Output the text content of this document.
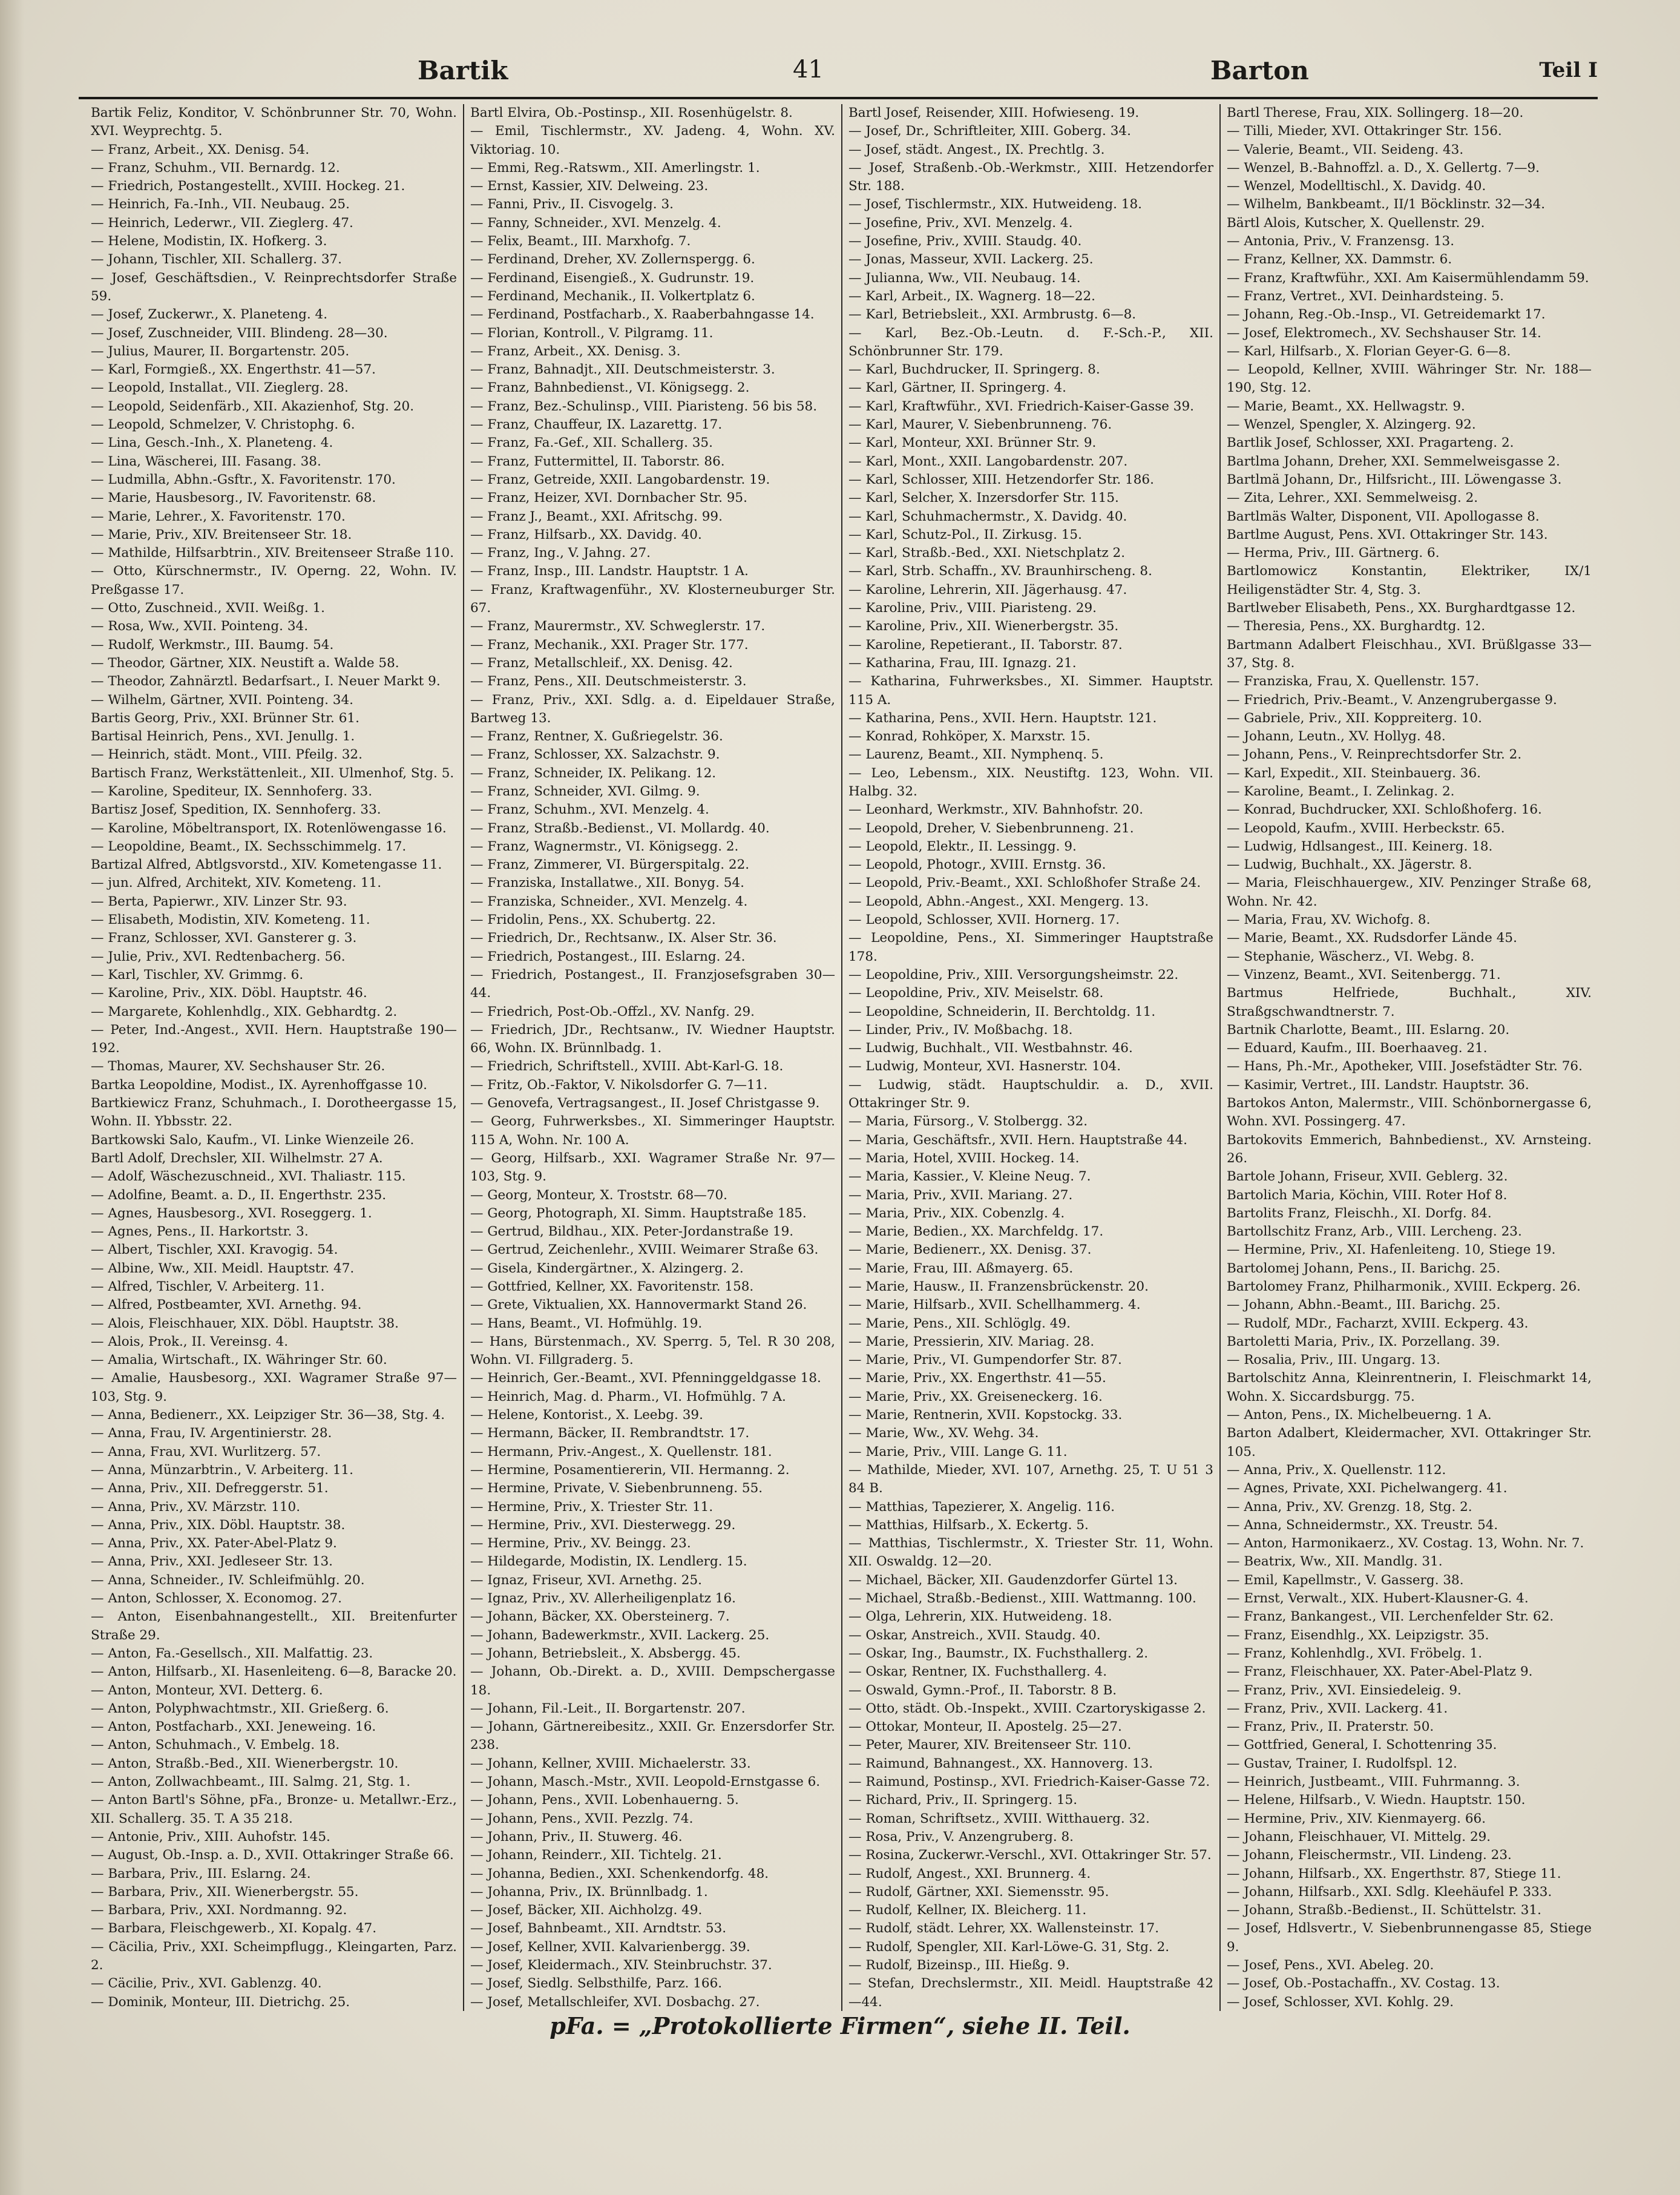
Bartik	41	Barton	Teil I
Bartik Feliz, Konditor, V. Schönbrunner Str. 70, Wohn. XVI. Weyprechtg. 5.
— Franz, Arbeit., XX. Denisg. 54.
— Franz, Schuhm., VII. Bernardg. 12.
— Friedrich, Postangestellt., XVIII. Hockeg. 21.
— Heinrich, Fa.-Inh., VII. Neubaug. 25.
— Heinrich, Lederwr., VII. Zieglerg. 47.
— Helene, Modistin, IX. Hofkerg. 3.
— Johann, Tischler, XII. Schallerg. 37.
— Josef, Geschäftsdien., V. Reinprechtsdorfer Straße 59.
— Josef, Zuckerwr., X. Planeteng. 4.
— Josef, Zuschneider, VIII. Blindeng. 28—30.
— Julius, Maurer, II. Borgartenstr. 205.
— Karl, Formgieß., XX. Engerthstr. 41—57.
— Leopold, Installat., VII. Zieglerg. 28.
— Leopold, Seidenfärb., XII. Akazienhof, Stg. 20.
— Leopold, Schmelzer, V. Christophg. 6.
— Lina, Gesch.-Inh., X. Planeteng. 4.
— Lina, Wäscherei, III. Fasang. 38.
— Ludmilla, Abhn.-Gsftr., X. Favoritenstr. 170.
— Marie, Hausbesorg., IV. Favoritenstr. 68.
— Marie, Lehrer., X. Favoritenstr. 170.
— Marie, Priv., XIV. Breitenseer Str. 18.
— Mathilde, Hilfsarbtrin., XIV. Breitenseer Straße 110.
— Otto, Kürschnermstr., IV. Operng. 22, Wohn. IV. Preßgasse 17.
— Otto, Zuschneid., XVII. Weißg. 1.
— Rosa, Ww., XVII. Pointeng. 34.
— Rudolf, Werkmstr., III. Baumg. 54.
— Theodor, Gärtner, XIX. Neustift a. Walde 58.
— Theodor, Zahnärztl. Bedarfsart., I. Neuer Markt 9.
— Wilhelm, Gärtner, XVII. Pointeng. 34.
Bartis Georg, Priv., XXI. Brünner Str. 61.
Bartisal Heinrich, Pens., XVI. Jenullg. 1.
— Heinrich, städt. Mont., VIII. Pfeilg. 32.
Bartisch Franz, Werkstättenleit., XII. Ulmenhof, Stg. 5.
— Karoline, Spediteur, IX. Sennhoferg. 33.
Bartisz Josef, Spedition, IX. Sennhoferg. 33.
— Karoline, Möbeltransport, IX. Rotenlöwengasse 16.
— Leopoldine, Beamt., IX. Sechsschimmelg. 17.
Bartizal Alfred, Abtlgsvorstd., XIV. Kometengasse 11.
— jun. Alfred, Architekt, XIV. Kometeng. 11.
— Berta, Papierwr., XIV. Linzer Str. 93.
— Elisabeth, Modistin, XIV. Kometeng. 11.
— Franz, Schlosser, XVI. Gansterer g. 3.
— Julie, Priv., XVI. Redtenbacherg. 56.
— Karl, Tischler, XV. Grimmg. 6.
— Karoline, Priv., XIX. Döbl. Hauptstr. 46.
— Margarete, Kohlenhdlg., XIX. Gebhardtg. 2.
— Peter, Ind.-Angest., XVII. Hern. Hauptstraße 190—192.
— Thomas, Maurer, XV. Sechshauser Str. 26.
Bartka Leopoldine, Modist., IX. Ayrenhoffgasse 10.
Bartkiewicz Franz, Schuhmach., I. Dorotheergasse 15, Wohn. II. Ybbsstr. 22.
Bartkowski Salo, Kaufm., VI. Linke Wienzeile 26.
Bartl Adolf, Drechsler, XII. Wilhelmstr. 27 A.
— Adolf, Wäschezuschneid., XVI. Thaliastr. 115.
— Adolfine, Beamt. a. D., II. Engerthstr. 235.
— Agnes, Hausbesorg., XVI. Roseggerg. 1.
— Agnes, Pens., II. Harkortstr. 3.
— Albert, Tischler, XXI. Kravogig. 54.
— Albine, Ww., XII. Meidl. Hauptstr. 47.
— Alfred, Tischler, V. Arbeiterg. 11.
— Alfred, Postbeamter, XVI. Arnethg. 94.
— Alois, Fleischhauer, XIX. Döbl. Hauptstr. 38.
— Alois, Prok., II. Vereinsg. 4.
— Amalia, Wirtschaft., IX. Währinger Str. 60.
— Amalie, Hausbesorg., XXI. Wagramer Straße 97—103, Stg. 9.
— Anna, Bedienerr., XX. Leipziger Str. 36—38, Stg. 4.
— Anna, Frau, IV. Argentinierstr. 28.
— Anna, Frau, XVI. Wurlitzerg. 57.
— Anna, Münzarbtrin., V. Arbeiterg. 11.
— Anna, Priv., XII. Defreggerstr. 51.
— Anna, Priv., XV. Märzstr. 110.
— Anna, Priv., XIX. Döbl. Hauptstr. 38.
— Anna, Priv., XX. Pater-Abel-Platz 9.
— Anna, Priv., XXI. Jedleseer Str. 13.
— Anna, Schneider., IV. Schleifmühlg. 20.
— Anton, Schlosser, X. Economog. 27.
— Anton, Eisenbahnangestellt., XII. Breitenfurter Straße 29.
— Anton, Fa.-Gesellsch., XII. Malfattig. 23.
— Anton, Hilfsarb., XI. Hasenleiteng. 6—8, Baracke 20.
— Anton, Monteur, XVI. Detterg. 6.
— Anton, Polyphwachtmstr., XII. Grießerg. 6.
— Anton, Postfacharb., XXI. Jeneweing. 16.
— Anton, Schuhmach., V. Embelg. 18.
— Anton, Straßb.-Bed., XII. Wienerbergstr. 10.
— Anton, Zollwachbeamt., III. Salmg. 21, Stg. 1.
— Anton Bartl's Söhne, pFa., Bronze- u. Metallwr.-Erz., XII. Schallerg. 35. T. A 35 218.
— Antonie, Priv., XIII. Auhofstr. 145.
— August, Ob.-Insp. a. D., XVII. Ottakringer Straße 66.
— Barbara, Priv., III. Eslarng. 24.
— Barbara, Priv., XII. Wienerbergstr. 55.
— Barbara, Priv., XXI. Nordmanng. 92.
— Barbara, Fleischgewerb., XI. Kopalg. 47.
— Cäcilia, Priv., XXI. Scheimpflugg., Kleingarten, Parz. 2.
— Cäcilie, Priv., XVI. Gablenzg. 40.
— Dominik, Monteur, III. Dietrichg. 25.
Bartl Elvira, Ob.-Postinsp., XII. Rosenhügelstr. 8.
— Emil, Tischlermstr., XV. Jadeng. 4, Wohn. XV. Viktoriag. 10.
— Emmi, Reg.-Ratswm., XII. Amerlingstr. 1.
— Ernst, Kassier, XIV. Delweing. 23.
— Fanni, Priv., II. Cisvogelg. 3.
— Fanny, Schneider., XVI. Menzelg. 4.
— Felix, Beamt., III. Marxhofg. 7.
— Ferdinand, Dreher, XV. Zollernspergg. 6.
— Ferdinand, Eisengieß., X. Gudrunstr. 19.
— Ferdinand, Mechanik., II. Volkertplatz 6.
— Ferdinand, Postfacharb., X. Raaberbahngasse 14.
— Florian, Kontroll., V. Pilgramg. 11.
— Franz, Arbeit., XX. Denisg. 3.
— Franz, Bahnadjt., XII. Deutschmeisterstr. 3.
— Franz, Bahnbedienst., VI. Königsegg. 2.
— Franz, Bez.-Schulinsp., VIII. Piaristeng. 56 bis 58.
— Franz, Chauffeur, IX. Lazarettg. 17.
— Franz, Fa.-Gef., XII. Schallerg. 35.
— Franz, Futtermittel, II. Taborstr. 86.
— Franz, Getreide, XXII. Langobardenstr. 19.
— Franz, Heizer, XVI. Dornbacher Str. 95.
— Franz J., Beamt., XXI. Afritschg. 99.
— Franz, Hilfsarb., XX. Davidg. 40.
— Franz, Ing., V. Jahng. 27.
— Franz, Insp., III. Landstr. Hauptstr. 1 A.
— Franz, Kraftwagenführ., XV. Klosterneuburger Str. 67.
— Franz, Maurermstr., XV. Schweglerstr. 17.
— Franz, Mechanik., XXI. Prager Str. 177.
— Franz, Metallschleif., XX. Denisg. 42.
— Franz, Pens., XII. Deutschmeisterstr. 3.
— Franz, Priv., XXI. Sdlg. a. d. Eipeldauer Straße, Bartweg 13.
— Franz, Rentner, X. Gußriegelstr. 36.
— Franz, Schlosser, XX. Salzachstr. 9.
— Franz, Schneider, IX. Pelikang. 12.
— Franz, Schneider, XVI. Gilmg. 9.
— Franz, Schuhm., XVI. Menzelg. 4.
— Franz, Straßb.-Bedienst., VI. Mollardg. 40.
— Franz, Wagnermstr., VI. Königsegg. 2.
— Franz, Zimmerer, VI. Bürgerspitalg. 22.
— Franziska, Installatwe., XII. Bonyg. 54.
— Franziska, Schneider., XVI. Menzelg. 4.
— Fridolin, Pens., XX. Schubertg. 22.
— Friedrich, Dr., Rechtsanw., IX. Alser Str. 36.
— Friedrich, Postangest., III. Eslarng. 24.
— Friedrich, Postangest., II. Franzjosefsgraben 30—44.
— Friedrich, Post-Ob.-Offzl., XV. Nanfg. 29.
— Friedrich, JDr., Rechtsanw., IV. Wiedner Hauptstr. 66, Wohn. IX. Brünnlbadg. 1.
— Friedrich, Schriftstell., XVIII. Abt-Karl-G. 18.
— Fritz, Ob.-Faktor, V. Nikolsdorfer G. 7—11.
— Genovefa, Vertragsangest., II. Josef Christgasse 9.
— Georg, Fuhrwerksbes., XI. Simmeringer Hauptstr. 115 A, Wohn. Nr. 100 A.
— Georg, Hilfsarb., XXI. Wagramer Straße Nr. 97—103, Stg. 9.
— Georg, Monteur, X. Troststr. 68—70.
— Georg, Photograph, XI. Simm. Hauptstraße 185.
— Gertrud, Bildhau., XIX. Peter-Jordanstraße 19.
— Gertrud, Zeichenlehr., XVIII. Weimarer Straße 63.
— Gisela, Kindergärtner., X. Alzingerg. 2.
— Gottfried, Kellner, XX. Favoritenstr. 158.
— Grete, Viktualien, XX. Hannovermarkt Stand 26.
— Hans, Beamt., VI. Hofmühlg. 19.
— Hans, Bürstenmach., XV. Sperrg. 5, Tel. R 30 208, Wohn. VI. Fillgraderg. 5.
— Heinrich, Ger.-Beamt., XVI. Pfenninggeldgasse 18.
— Heinrich, Mag. d. Pharm., VI. Hofmühlg. 7 A.
— Helene, Kontorist., X. Leebg. 39.
— Hermann, Bäcker, II. Rembrandtstr. 17.
— Hermann, Priv.-Angest., X. Quellenstr. 181.
— Hermine, Posamentiererin, VII. Hermanng. 2.
— Hermine, Private, V. Siebenbrunneng. 55.
— Hermine, Priv., X. Triester Str. 11.
— Hermine, Priv., XVI. Diesterwegg. 29.
— Hermine, Priv., XV. Beingg. 23.
— Hildegarde, Modistin, IX. Lendlerg. 15.
— Ignaz, Friseur, XVI. Arnethg. 25.
— Ignaz, Priv., XV. Allerheiligenplatz 16.
— Johann, Bäcker, XX. Obersteinerg. 7.
— Johann, Badewerkmstr., XVII. Lackerg. 25.
— Johann, Betriebsleit., X. Absbergg. 45.
— Johann, Ob.-Direkt. a. D., XVIII. Dempschergasse 18.
— Johann, Fil.-Leit., II. Borgartenstr. 207.
— Johann, Gärtnereibesitz., XXII. Gr. Enzersdorfer Str. 238.
— Johann, Kellner, XVIII. Michaelerstr. 33.
— Johann, Masch.-Mstr., XVII. Leopold-Ernstgasse 6.
— Johann, Pens., XVII. Lobenhauerng. 5.
— Johann, Pens., XVII. Pezzlg. 74.
— Johann, Priv., II. Stuwerg. 46.
— Johann, Reinderr., XII. Tichtelg. 21.
— Johanna, Bedien., XXI. Schenkendorfg. 48.
— Johanna, Priv., IX. Brünnlbadg. 1.
— Josef, Bäcker, XII. Aichholzg. 49.
— Josef, Bahnbeamt., XII. Arndtstr. 53.
— Josef, Kellner, XVII. Kalvarienbergg. 39.
— Josef, Kleidermach., XIV. Steinbruchstr. 37.
— Josef, Siedlg. Selbsthilfe, Parz. 166.
— Josef, Metallschleifer, XVI. Dosbachg. 27.
Bartl Josef, Reisender, XIII. Hofwieseng. 19.
— Josef, Dr., Schriftleiter, XIII. Goberg. 34.
— Josef, städt. Angest., IX. Prechtlg. 3.
— Josef, Straßenb.-Ob.-Werkmstr., XIII. Hetzendorfer Str. 188.
— Josef, Tischlermstr., XIX. Hutweideng. 18.
— Josefine, Priv., XVI. Menzelg. 4.
— Josefine, Priv., XVIII. Staudg. 40.
— Jonas, Masseur, XVII. Lackerg. 25.
— Julianna, Ww., VII. Neubaug. 14.
— Karl, Arbeit., IX. Wagnerg. 18—22.
— Karl, Betriebsleit., XXI. Armbrustg. 6—8.
— Karl, Bez.-Ob.-Leutn. d. F.-Sch.-P., XII. Schönbrunner Str. 179.
— Karl, Buchdrucker, II. Springerg. 8.
— Karl, Gärtner, II. Springerg. 4.
— Karl, Kraftwführ., XVI. Friedrich-Kaiser-Gasse 39.
— Karl, Maurer, V. Siebenbrunneng. 76.
— Karl, Monteur, XXI. Brünner Str. 9.
— Karl, Mont., XXII. Langobardenstr. 207.
— Karl, Schlosser, XIII. Hetzendorfer Str. 186.
— Karl, Selcher, X. Inzersdorfer Str. 115.
— Karl, Schuhmachermstr., X. Davidg. 40.
— Karl, Schutz-Pol., II. Zirkusg. 15.
— Karl, Straßb.-Bed., XXI. Nietschplatz 2.
— Karl, Strb. Schaffn., XV. Braunhirscheng. 8.
— Karoline, Lehrerin, XII. Jägerhausg. 47.
— Karoline, Priv., VIII. Piaristeng. 29.
— Karoline, Priv., XII. Wienerbergstr. 35.
— Karoline, Repetierant., II. Taborstr. 87.
— Katharina, Frau, III. Ignazg. 21.
— Katharina, Fuhrwerksbes., XI. Simmer. Hauptstr. 115 A.
— Katharina, Pens., XVII. Hern. Hauptstr. 121.
— Konrad, Rohköper, X. Marxstr. 15.
— Laurenz, Beamt., XII. Nymphenq. 5.
— Leo, Lebensm., XIX. Neustiftg. 123, Wohn. VII. Halbg. 32.
— Leonhard, Werkmstr., XIV. Bahnhofstr. 20.
— Leopold, Dreher, V. Siebenbrunneng. 21.
— Leopold, Elektr., II. Lessingg. 9.
— Leopold, Photogr., XVIII. Ernstg. 36.
— Leopold, Priv.-Beamt., XXI. Schloßhofer Straße 24.
— Leopold, Abhn.-Angest., XXI. Mengerg. 13.
— Leopold, Schlosser, XVII. Hornerg. 17.
— Leopoldine, Pens., XI. Simmeringer Hauptstraße 178.
— Leopoldine, Priv., XIII. Versorgungsheimstr. 22.
— Leopoldine, Priv., XIV. Meiselstr. 68.
— Leopoldine, Schneiderin, II. Berchtoldg. 11.
— Linder, Priv., IV. Moßbachg. 18.
— Ludwig, Buchhalt., VII. Westbahnstr. 46.
— Ludwig, Monteur, XVI. Hasnerstr. 104.
— Ludwig, städt. Hauptschuldir. a. D., XVII. Ottakringer Str. 9.
— Maria, Fürsorg., V. Stolbergg. 32.
— Maria, Geschäftsfr., XVII. Hern. Hauptstraße 44.
— Maria, Hotel, XVIII. Hockeg. 14.
— Maria, Kassier., V. Kleine Neug. 7.
— Maria, Priv., XVII. Mariang. 27.
— Maria, Priv., XIX. Cobenzlg. 4.
— Marie, Bedien., XX. Marchfeldg. 17.
— Marie, Bedienerr., XX. Denisg. 37.
— Marie, Frau, III. Aßmayerg. 65.
— Marie, Hausw., II. Franzensbrückenstr. 20.
— Marie, Hilfsarb., XVII. Schellhammerg. 4.
— Marie, Pens., XII. Schlöglg. 49.
— Marie, Pressierin, XIV. Mariag. 28.
— Marie, Priv., VI. Gumpendorfer Str. 87.
— Marie, Priv., XX. Engerthstr. 41—55.
— Marie, Priv., XX. Greiseneckerg. 16.
— Marie, Rentnerin, XVII. Kopstockg. 33.
— Marie, Ww., XV. Wehg. 34.
— Marie, Priv., VIII. Lange G. 11.
— Mathilde, Mieder, XVI. 107, Arnethg. 25, T. U 51 3 84 B.
— Matthias, Tapezierer, X. Angelig. 116.
— Matthias, Hilfsarb., X. Eckertg. 5.
— Matthias, Tischlermstr., X. Triester Str. 11, Wohn. XII. Oswaldg. 12—20.
— Michael, Bäcker, XII. Gaudenzdorfer Gürtel 13.
— Michael, Straßb.-Bedienst., XIII. Wattmanng. 100.
— Olga, Lehrerin, XIX. Hutweideng. 18.
— Oskar, Anstreich., XVII. Staudg. 40.
— Oskar, Ing., Baumstr., IX. Fuchsthallerg. 2.
— Oskar, Rentner, IX. Fuchsthallerg. 4.
— Oswald, Gymn.-Prof., II. Taborstr. 8 B.
— Otto, städt. Ob.-Inspekt., XVIII. Czartoryskigasse 2.
— Ottokar, Monteur, II. Apostelg. 25—27.
— Peter, Maurer, XIV. Breitenseer Str. 110.
— Raimund, Bahnangest., XX. Hannoverg. 13.
— Raimund, Postinsp., XVI. Friedrich-Kaiser-Gasse 72.
— Richard, Priv., II. Springerg. 15.
— Roman, Schriftsetz., XVIII. Witthauerg. 32.
— Rosa, Priv., V. Anzengruberg. 8.
— Rosina, Zuckerwr.-Verschl., XVI. Ottakringer Str. 57.
— Rudolf, Angest., XXI. Brunnerg. 4.
— Rudolf, Gärtner, XXI. Siemensstr. 95.
— Rudolf, Kellner, IX. Bleicherg. 11.
— Rudolf, städt. Lehrer, XX. Wallensteinstr. 17.
— Rudolf, Spengler, XII. Karl-Löwe-G. 31, Stg. 2.
— Rudolf, Bizeinsp., III. Hießg. 9.
— Stefan, Drechslermstr., XII. Meidl. Hauptstraße 42—44.
Bartl Therese, Frau, XIX. Sollingerg. 18—20.
— Tilli, Mieder, XVI. Ottakringer Str. 156.
— Valerie, Beamt., VII. Seideng. 43.
— Wenzel, B.-Bahnoffzl. a. D., X. Gellertg. 7—9.
— Wenzel, Modelltischl., X. Davidg. 40.
— Wilhelm, Bankbeamt., II/1 Böcklinstr. 32—34.
Bärtl Alois, Kutscher, X. Quellenstr. 29.
— Antonia, Priv., V. Franzensg. 13.
— Franz, Kellner, XX. Dammstr. 6.
— Franz, Kraftwführ., XXI. Am Kaisermühlendamm 59.
— Franz, Vertret., XVI. Deinhardsteing. 5.
— Johann, Reg.-Ob.-Insp., VI. Getreidemarkt 17.
— Josef, Elektromech., XV. Sechshauser Str. 14.
— Karl, Hilfsarb., X. Florian Geyer-G. 6—8.
— Leopold, Kellner, XVIII. Währinger Str. Nr. 188—190, Stg. 12.
— Marie, Beamt., XX. Hellwagstr. 9.
— Wenzel, Spengler, X. Alzingerg. 92.
Bartlik Josef, Schlosser, XXI. Pragarteng. 2.
Bartlma Johann, Dreher, XXI. Semmelweisgasse 2.
Bartlmä Johann, Dr., Hilfsricht., III. Löwengasse 3.
— Zita, Lehrer., XXI. Semmelweisg. 2.
Bartlmäs Walter, Disponent, VII. Apollogasse 8.
Bartlme August, Pens. XVI. Ottakringer Str. 143.
— Herma, Priv., III. Gärtnerg. 6.
Bartlomowicz Konstantin, Elektriker, IX/1 Heiligenstädter Str. 4, Stg. 3.
Bartlweber Elisabeth, Pens., XX. Burghardtgasse 12.
— Theresia, Pens., XX. Burghardtg. 12.
Bartmann Adalbert Fleischhau., XVI. Brüßlgasse 33—37, Stg. 8.
— Franziska, Frau, X. Quellenstr. 157.
— Friedrich, Priv.-Beamt., V. Anzengrubergasse 9.
— Gabriele, Priv., XII. Koppreiterg. 10.
— Johann, Leutn., XV. Hollyg. 48.
— Johann, Pens., V. Reinprechtsdorfer Str. 2.
— Karl, Expedit., XII. Steinbauerg. 36.
— Karoline, Beamt., I. Zelinkag. 2.
— Konrad, Buchdrucker, XXI. Schloßhoferg. 16.
— Leopold, Kaufm., XVIII. Herbeckstr. 65.
— Ludwig, Hdlsangest., III. Keinerg. 18.
— Ludwig, Buchhalt., XX. Jägerstr. 8.
— Maria, Fleischhauergew., XIV. Penzinger Straße 68, Wohn. Nr. 42.
— Maria, Frau, XV. Wichofg. 8.
— Marie, Beamt., XX. Rudsdorfer Lände 45.
— Stephanie, Wäscherz., VI. Webg. 8.
— Vinzenz, Beamt., XVI. Seitenbergg. 71.
Bartmus Helfriede, Buchhalt., XIV. Straßgschwandtnerstr. 7.
Bartnik Charlotte, Beamt., III. Eslarng. 20.
— Eduard, Kaufm., III. Boerhaaveg. 21.
— Hans, Ph.-Mr., Apotheker, VIII. Josefstädter Str. 76.
— Kasimir, Vertret., III. Landstr. Hauptstr. 36.
Bartokos Anton, Malermstr., VIII. Schönbornergasse 6, Wohn. XVI. Possingerg. 47.
Bartokovits Emmerich, Bahnbedienst., XV. Arnsteing. 26.
Bartole Johann, Friseur, XVII. Geblerg. 32.
Bartolich Maria, Köchin, VIII. Roter Hof 8.
Bartolits Franz, Fleischh., XI. Dorfg. 84.
Bartollschitz Franz, Arb., VIII. Lercheng. 23.
— Hermine, Priv., XI. Hafenleiteng. 10, Stiege 19.
Bartolomej Johann, Pens., II. Barichg. 25.
Bartolomey Franz, Philharmonik., XVIII. Eckperg. 26.
— Johann, Abhn.-Beamt., III. Barichg. 25.
— Rudolf, MDr., Facharzt, XVIII. Eckperg. 43.
Bartoletti Maria, Priv., IX. Porzellang. 39.
— Rosalia, Priv., III. Ungarg. 13.
Bartolschitz Anna, Kleinrentnerin, I. Fleischmarkt 14, Wohn. X. Siccardsburgg. 75.
— Anton, Pens., IX. Michelbeuerng. 1 A.
Barton Adalbert, Kleidermacher, XVI. Ottakringer Str. 105.
— Anna, Priv., X. Quellenstr. 112.
— Agnes, Private, XXI. Pichelwangerg. 41.
— Anna, Priv., XV. Grenzg. 18, Stg. 2.
— Anna, Schneidermstr., XX. Treustr. 54.
— Anton, Harmonikaerz., XV. Costag. 13, Wohn. Nr. 7.
— Beatrix, Ww., XII. Mandlg. 31.
— Emil, Kapellmstr., V. Gasserg. 38.
— Ernst, Verwalt., XIX. Hubert-Klausner-G. 4.
— Franz, Bankangest., VII. Lerchenfelder Str. 62.
— Franz, Eisendhlg., XX. Leipzigstr. 35.
— Franz, Kohlenhdlg., XVI. Fröbelg. 1.
— Franz, Fleischhauer, XX. Pater-Abel-Platz 9.
— Franz, Priv., XVI. Einsiedeleig. 9.
— Franz, Priv., XVII. Lackerg. 41.
— Franz, Priv., II. Praterstr. 50.
— Gottfried, General, I. Schottenring 35.
— Gustav, Trainer, I. Rudolfspl. 12.
— Heinrich, Justbeamt., VIII. Fuhrmanng. 3.
— Helene, Hilfsarb., V. Wiedn. Hauptstr. 150.
— Hermine, Priv., XIV. Kienmayerg. 66.
— Johann, Fleischhauer, VI. Mittelg. 29.
— Johann, Fleischermstr., VII. Lindeng. 23.
— Johann, Hilfsarb., XX. Engerthstr. 87, Stiege 11.
— Johann, Hilfsarb., XXI. Sdlg. Kleehäufel P. 333.
— Johann, Straßb.-Bedienst., II. Schüttelstr. 31.
— Josef, Hdlsvertr., V. Siebenbrunnengasse 85, Stiege 9.
— Josef, Pens., XVI. Abeleg. 20.
— Josef, Ob.-Postachaffn., XV. Costag. 13.
— Josef, Schlosser, XVI. Kohlg. 29.
pFa. = „Protokollierte Firmen“, siehe II. Teil.
